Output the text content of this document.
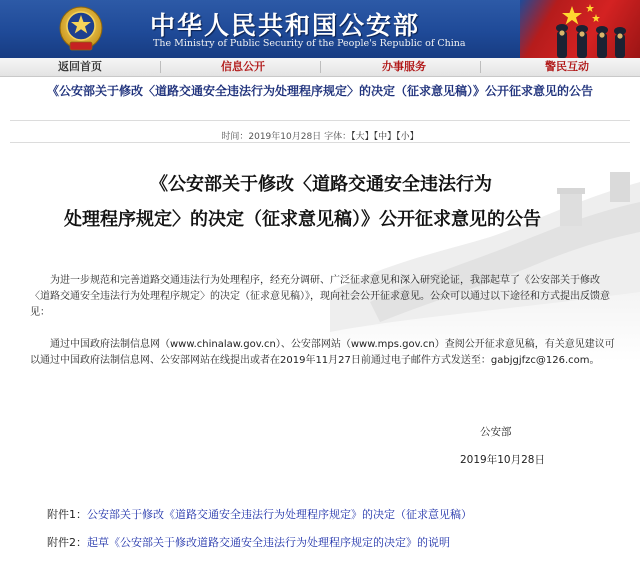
中华人民共和国公安部
The Ministry of Public Security of the People's Republic of China
返回首页	信息公开	办事服务	警民互动
《公安部关于修改〈道路交通安全违法行为处理程序规定〉的决定（征求意见稿）》公开征求意见的公告
时间：2019年10月28日 字体：【大】【中】【小】
《公安部关于修改〈道路交通安全违法行为
处理程序规定〉的决定（征求意见稿）》公开征求意见的公告
为进一步规范和完善道路交通违法行为处理程序，经充分调研、广泛征求意见和深入研究论证，我部起草了《公安部关于修改〈道路交通安全违法行为处理程序规定〉的决定（征求意见稿）》，现向社会公开征求意见。公众可以通过以下途径和方式提出反馈意见：
通过中国政府法制信息网（www.chinalaw.gov.cn）、公安部网站（www.mps.gov.cn）查阅公开征求意见稿，有关意见建议可以通过中国政府法制信息网、公安部网站在线提出或者在2019年11月27日前通过电子邮件方式发送至：gabjgjfzc@126.com。
公安部
2019年10月28日
附件1：公安部关于修改《道路交通安全违法行为处理程序规定》的决定（征求意见稿）
附件2：起草《公安部关于修改道路交通安全违法行为处理程序规定的决定》的说明
